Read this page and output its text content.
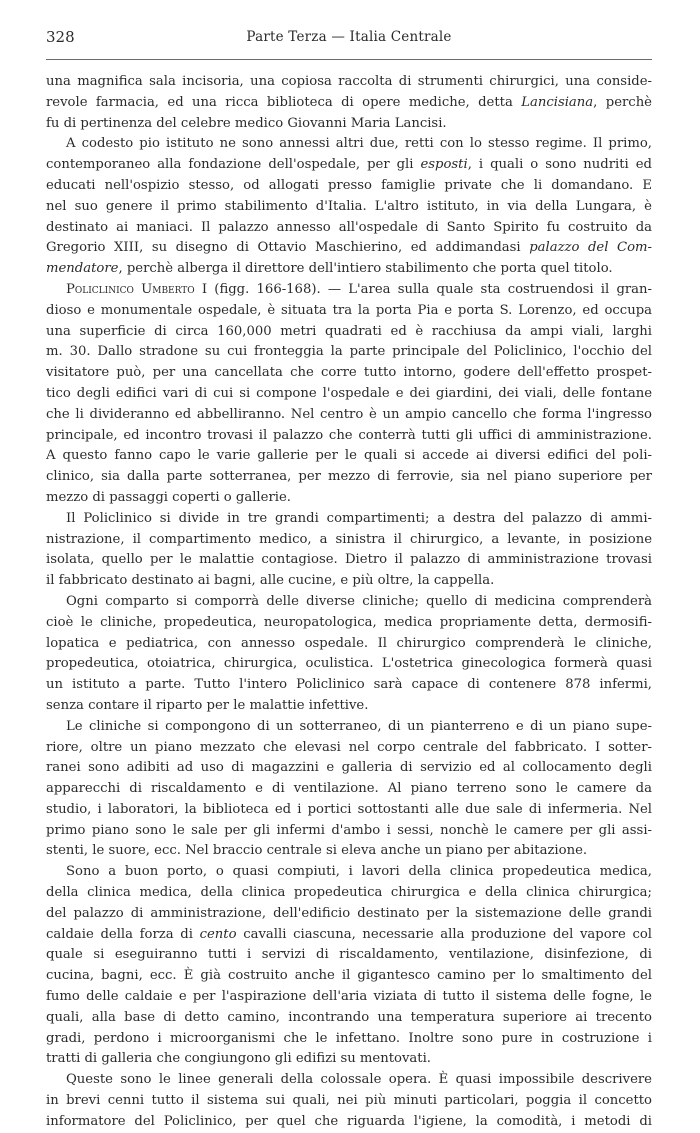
328	Parte Terza — Italia Centrale
una magnifica sala incisoria, una copiosa raccolta di strumenti chirurgici, una conside-
revole farmacia, ed una ricca biblioteca di opere mediche, detta Lancisiana, perchè
fu di pertinenza del celebre medico Giovanni Maria Lancisi.
A codesto pio istituto ne sono annessi altri due, retti con lo stesso regime. Il primo,
contemporaneo alla fondazione dell'ospedale, per gli esposti, i quali o sono nudriti ed
educati nell'ospizio stesso, od allogati presso famiglie private che li domandano. E
nel suo genere il primo stabilimento d'Italia. L'altro istituto, in via della Lungara, è
destinato ai maniaci. Il palazzo annesso all'ospedale di Santo Spirito fu costruito da
Gregorio XIII, su disegno di Ottavio Maschierino, ed addimandasi palazzo del Com-
mendatore, perchè alberga il direttore dell'intiero stabilimento che porta quel titolo.
Policlinico Umberto I (figg. 166-168). — L'area sulla quale sta costruendosi il gran-
dioso e monumentale ospedale, è situata tra la porta Pia e porta S. Lorenzo, ed occupa
una superficie di circa 160,000 metri quadrati ed è racchiusa da ampi viali, larghi
m. 30. Dallo stradone su cui fronteggia la parte principale del Policlinico, l'occhio del
visitatore può, per una cancellata che corre tutto intorno, godere dell'effetto prospet-
tico degli edifici vari di cui si compone l'ospedale e dei giardini, dei viali, delle fontane
che li divideranno ed abbelliranno. Nel centro è un ampio cancello che forma l'ingresso
principale, ed incontro trovasi il palazzo che conterrà tutti gli uffici di amministrazione.
A questo fanno capo le varie gallerie per le quali si accede ai diversi edifici del poli-
clinico, sia dalla parte sotterranea, per mezzo di ferrovie, sia nel piano superiore per
mezzo di passaggi coperti o gallerie.
Il Policlinico si divide in tre grandi compartimenti; a destra del palazzo di ammi-
nistrazione, il compartimento medico, a sinistra il chirurgico, a levante, in posizione
isolata, quello per le malattie contagiose. Dietro il palazzo di amministrazione trovasi
il fabbricato destinato ai bagni, alle cucine, e più oltre, la cappella.
Ogni comparto si comporrà delle diverse cliniche; quello di medicina comprenderà
cioè le cliniche, propedeutica, neuropatologica, medica propriamente detta, dermosifi-
lopatica e pediatrica, con annesso ospedale. Il chirurgico comprenderà le cliniche,
propedeutica, otoiatrica, chirurgica, oculistica. L'ostetrica ginecologica formerà quasi
un istituto a parte. Tutto l'intero Policlinico sarà capace di contenere 878 infermi,
senza contare il riparto per le malattie infettive.
Le cliniche si compongono di un sotterraneo, di un pianterreno e di un piano supe-
riore, oltre un piano mezzato che elevasi nel corpo centrale del fabbricato. I sotter-
ranei sono adibiti ad uso di magazzini e galleria di servizio ed al collocamento degli
apparecchi di riscaldamento e di ventilazione. Al piano terreno sono le camere da
studio, i laboratori, la biblioteca ed i portici sottostanti alle due sale di infermeria. Nel
primo piano sono le sale per gli infermi d'ambo i sessi, nonchè le camere per gli assi-
stenti, le suore, ecc. Nel braccio centrale si eleva anche un piano per abitazione.
Sono a buon porto, o quasi compiuti, i lavori della clinica propedeutica medica,
della clinica medica, della clinica propedeutica chirurgica e della clinica chirurgica;
del palazzo di amministrazione, dell'edificio destinato per la sistemazione delle grandi
caldaie della forza di cento cavalli ciascuna, necessarie alla produzione del vapore col
quale si eseguiranno tutti i servizi di riscaldamento, ventilazione, disinfezione, di
cucina, bagni, ecc. È già costruito anche il gigantesco camino per lo smaltimento del
fumo delle caldaie e per l'aspirazione dell'aria viziata di tutto il sistema delle fogne, le
quali, alla base di detto camino, incontrando una temperatura superiore ai trecento
gradi, perdono i microorganismi che le infettano. Inoltre sono pure in costruzione i
tratti di galleria che congiungono gli edifizi su mentovati.
Queste sono le linee generali della colossale opera. È quasi impossibile descrivere
in brevi cenni tutto il sistema sui quali, nei più minuti particolari, poggia il concetto
informatore del Policlinico, per quel che riguarda l'igiene, la comodità, i metodi di
